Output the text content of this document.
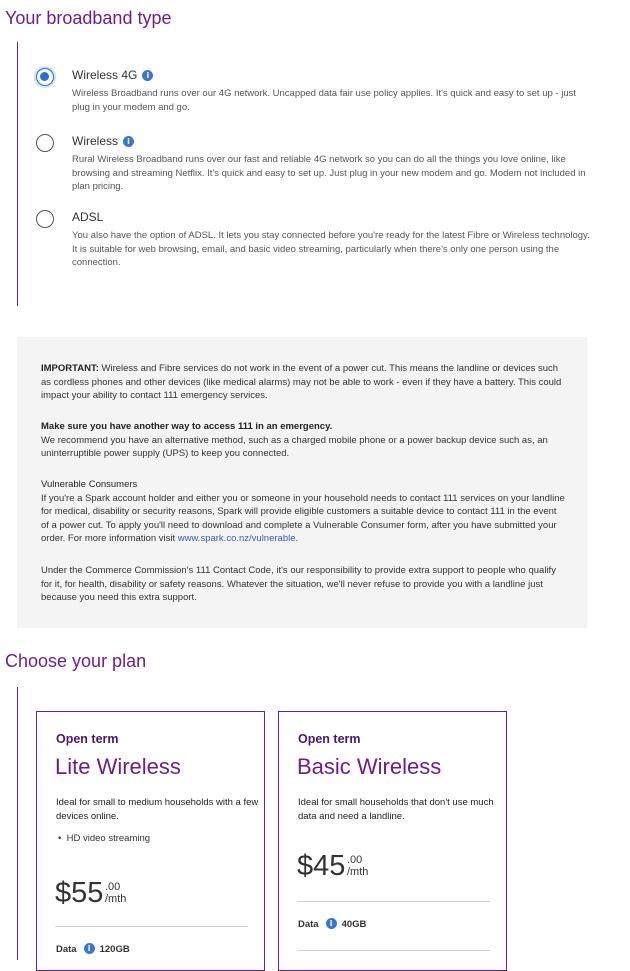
Your broadband type
Wireless 4G i
Wireless Broadband runs over our 4G network. Uncapped data fair use policy applies. It's quick and easy to set up - just plug in your modem and go.
Wireless i
Rural Wireless Broadband runs over our fast and reliable 4G network so you can do all the things you love online, like browsing and streaming Netflix. It's quick and easy to set up. Just plug in your new modem and go. Modem not included in plan pricing.
ADSL
You also have the option of ADSL. It lets you stay connected before you're ready for the latest Fibre or Wireless technology. It is suitable for web browsing, email, and basic video streaming, particularly when there's only one person using the connection.

IMPORTANT: Wireless and Fibre services do not work in the event of a power cut. This means the landline or devices such as cordless phones and other devices (like medical alarms) may not be able to work - even if they have a battery. This could impact your ability to contact 111 emergency services.

Make sure you have another way to access 111 in an emergency.
We recommend you have an alternative method, such as a charged mobile phone or a power backup device such as, an uninterruptible power supply (UPS) to keep you connected.

Vulnerable Consumers
If you're a Spark account holder and either you or someone in your household needs to contact 111 services on your landline for medical, disability or security reasons, Spark will provide eligible customers a suitable device to contact 111 in the event of a power cut. To apply you'll need to download and complete a Vulnerable Consumer form, after you have submitted your order. For more information visit www.spark.co.nz/vulnerable.

Under the Commerce Commission's 111 Contact Code, it's our responsibility to provide extra support to people who qualify for it, for health, disability or safety reasons. Whatever the situation, we'll never refuse to provide you with a landline just because you need this extra support.

Choose your plan
Open term
Lite Wireless
Ideal for small to medium households with a few devices online.
•  HD video streaming
$55 .00
/mth
Data i 120GB
Open term
Basic Wireless
Ideal for small households that don't use much data and need a landline.
$45 .00
/mth
Data i 40GB
